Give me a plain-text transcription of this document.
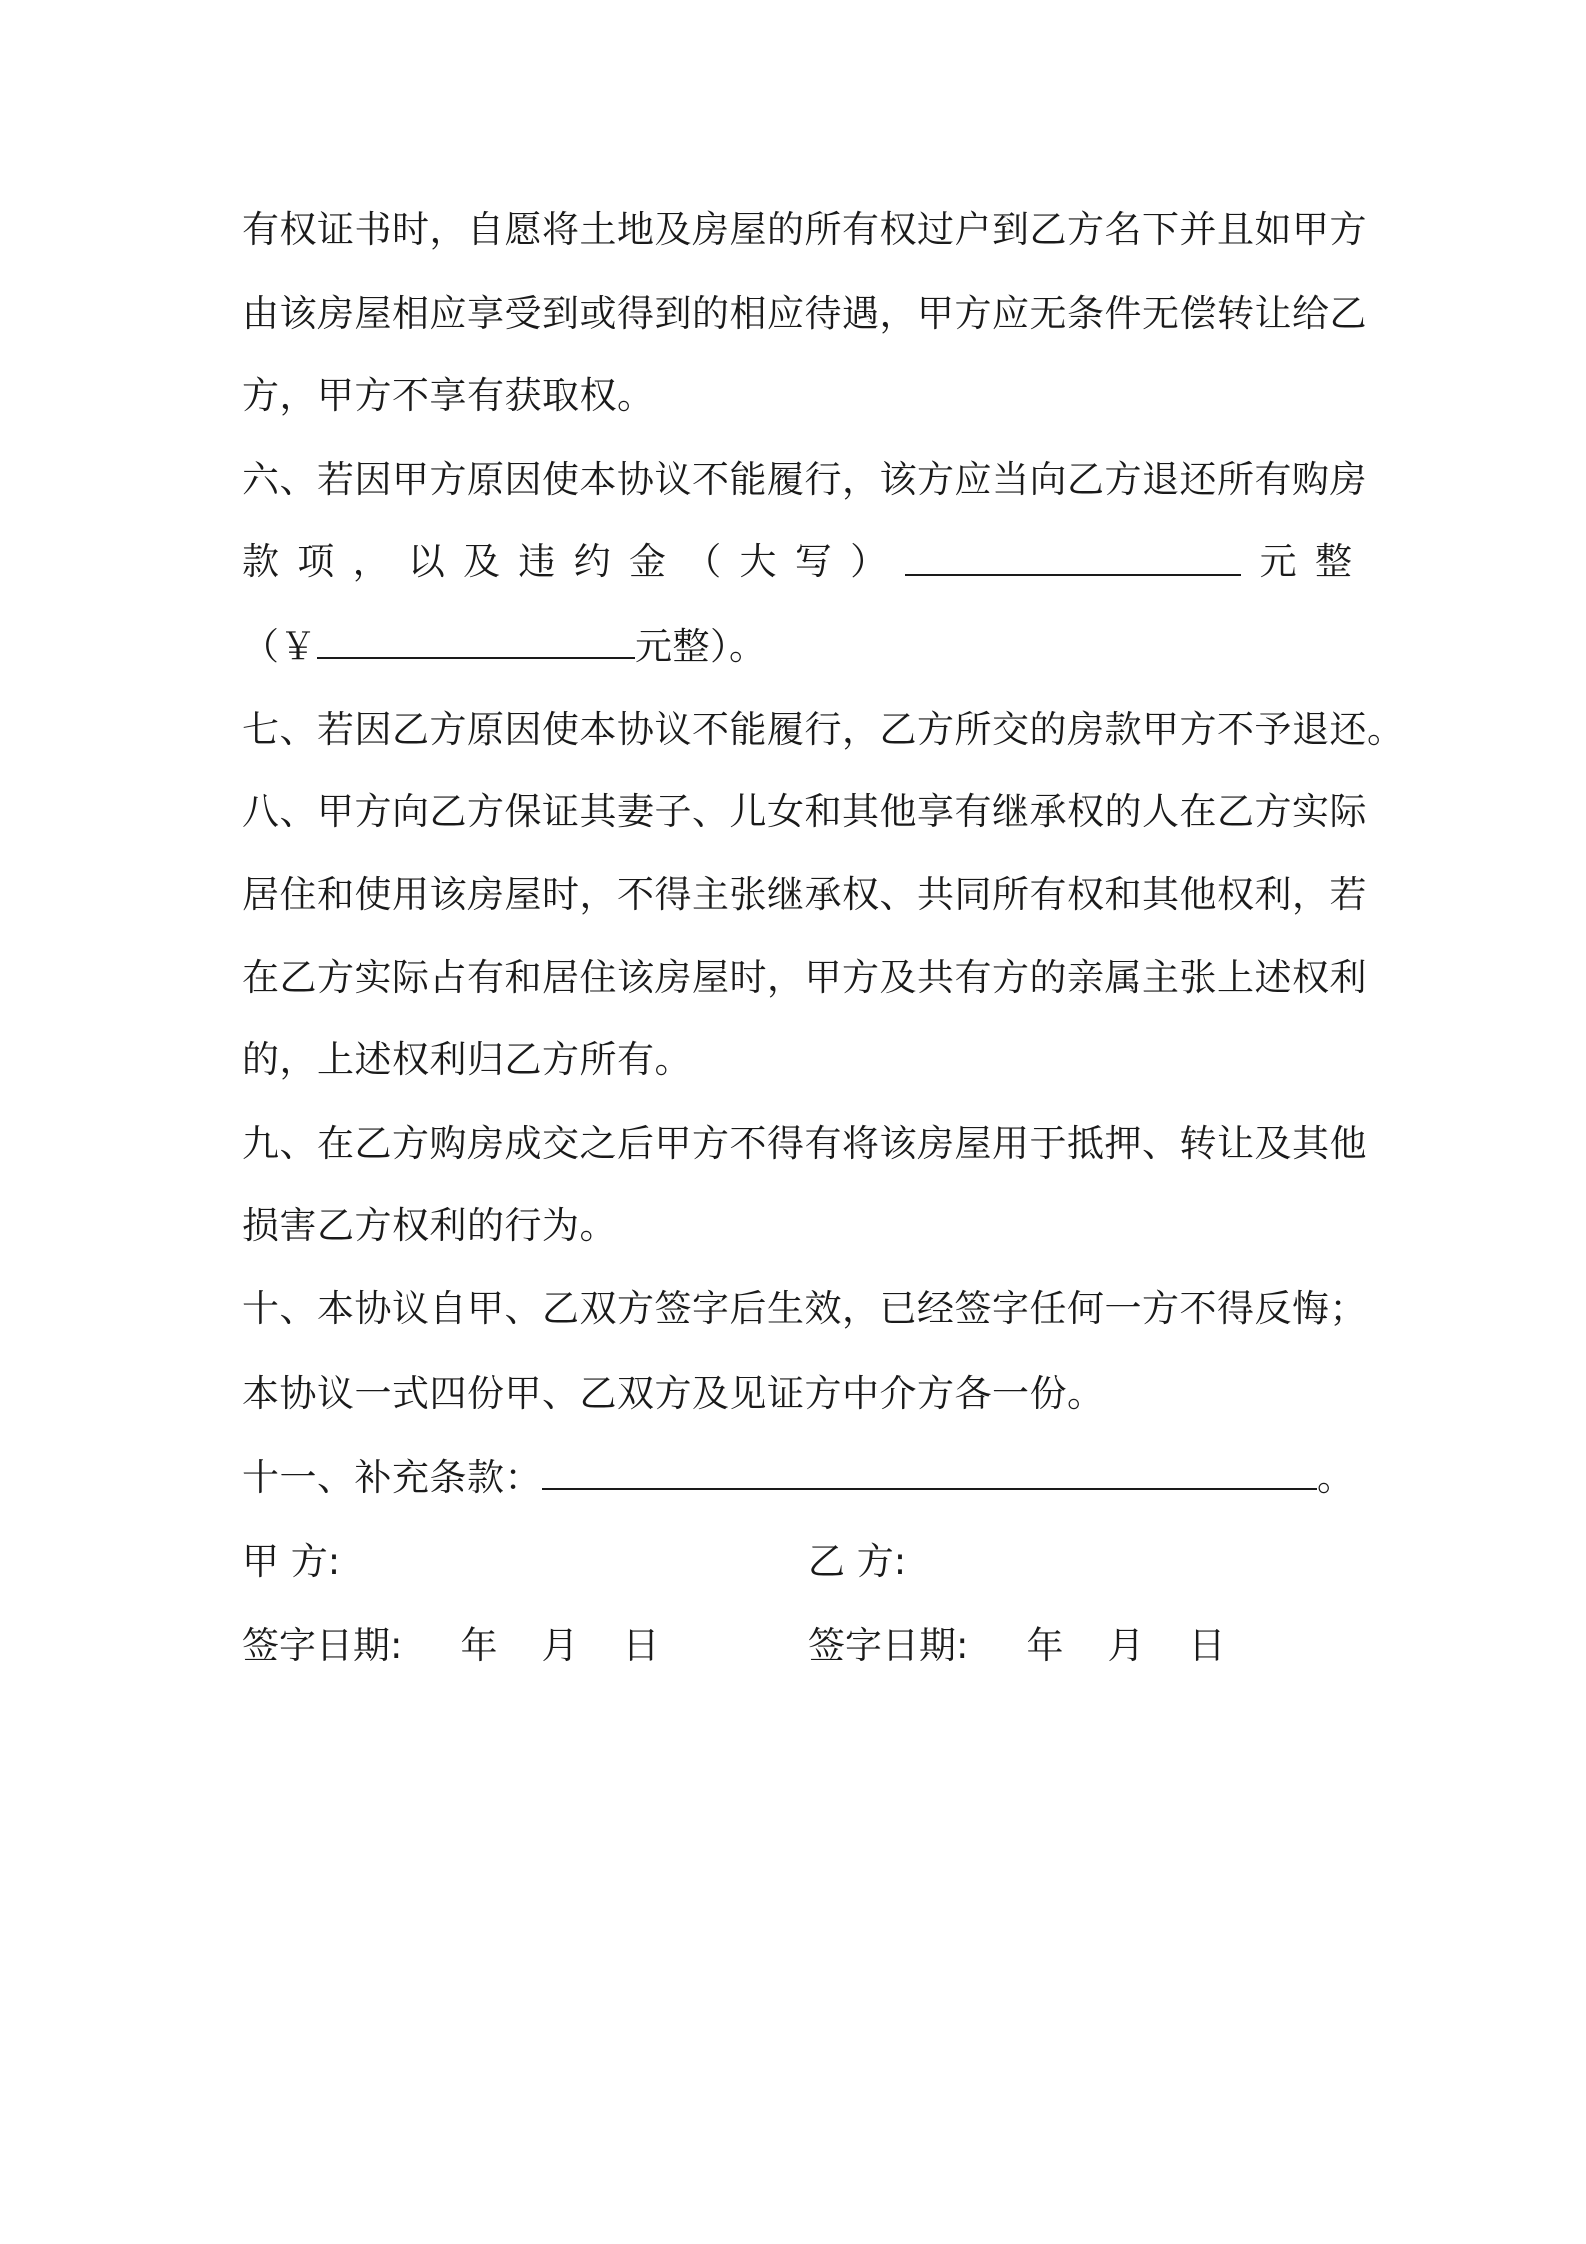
有权证书时，自愿将土地及房屋的所有权过户到乙方名下并且如甲方
由该房屋相应享受到或得到的相应待遇，甲方应无条件无偿转让给乙
方，甲方不享有获取权。
六、若因甲方原因使本协议不能履行，该方应当向乙方退还所有购房
款 项 ， 以 及 违 约 金 （ 大 写 ）	元 整
（￥	元整）。
七、若因乙方原因使本协议不能履行，乙方所交的房款甲方不予退还。
八、甲方向乙方保证其妻子、儿女和其他享有继承权的人在乙方实际
居住和使用该房屋时，不得主张继承权、共同所有权和其他权利，若
在乙方实际占有和居住该房屋时，甲方及共有方的亲属主张上述权利
的，上述权利归乙方所有。
九、在乙方购房成交之后甲方不得有将该房屋用于抵押、转让及其他
损害乙方权利的行为。
十、本协议自甲、乙双方签字后生效，已经签字任何一方不得反悔；
本协议一式四份甲、乙双方及见证方中介方各一份。
十一、补充条款：	。
甲 方:	乙 方:
签字日期: 年 月 日	签字日期: 年 月 日
